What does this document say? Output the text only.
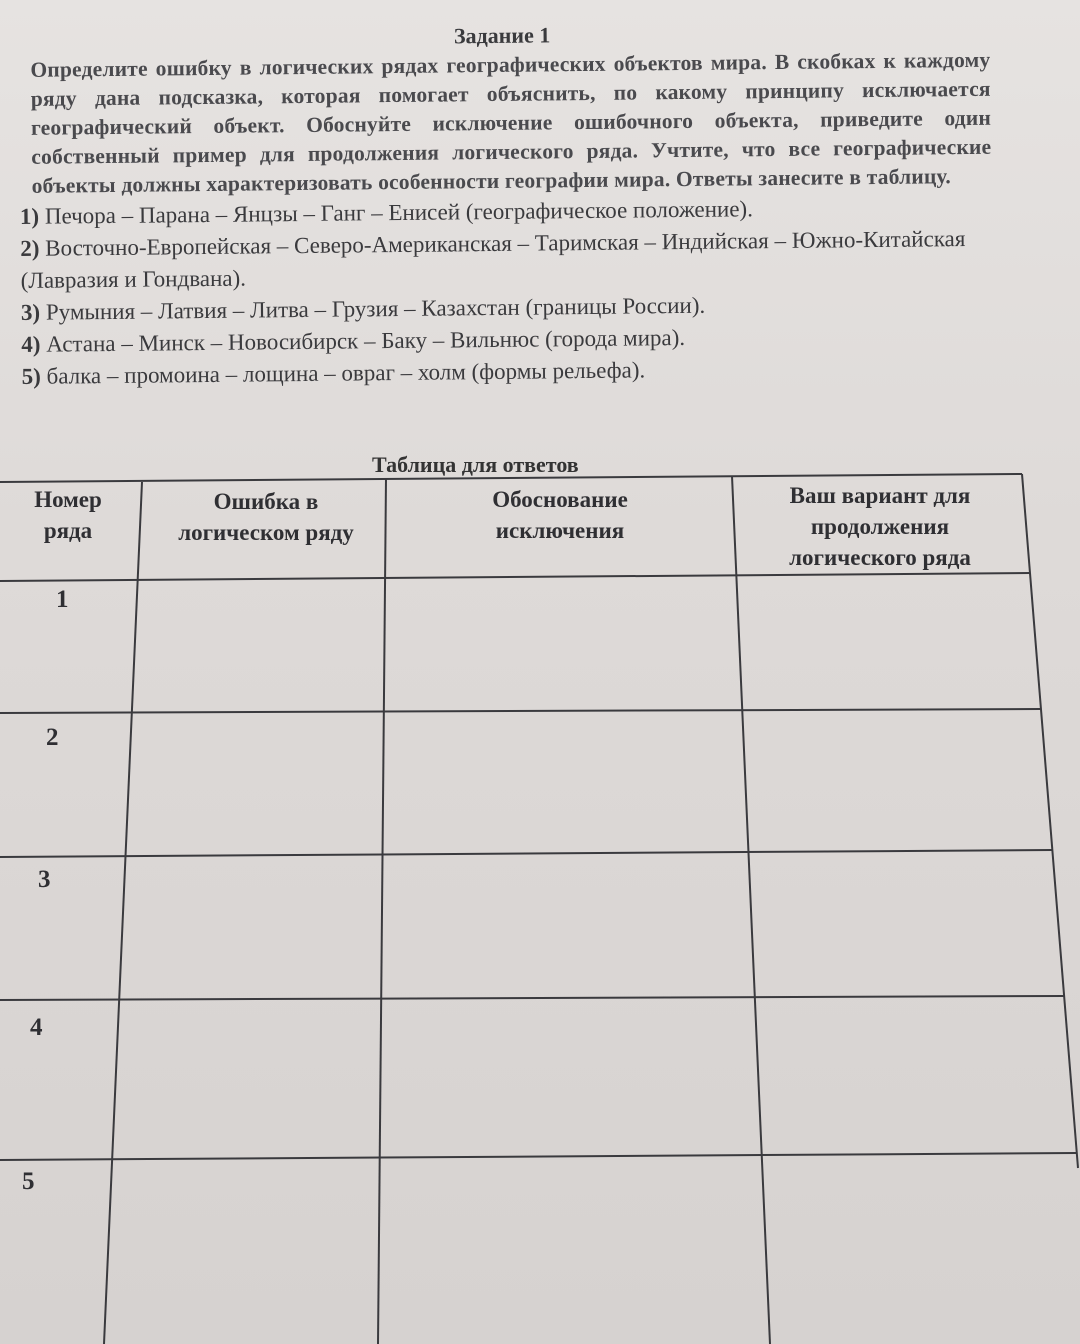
Задание 1
Определите ошибку в логических рядах географических объектов мира. В скобках к каждому ряду дана подсказка, которая помогает объяснить, по какому принципу исключается географический объект. Обоснуйте исключение ошибочного объекта, приведите один собственный пример для продолжения логического ряда. Учтите, что все географические объекты должны характеризовать особенности географии мира. Ответы занесите в таблицу.
1) Печора – Парана – Янцзы – Ганг – Енисей (географическое положение).
2) Восточно-Европейская – Северо-Американская – Таримская – Индийская – Южно-Китайская (Лавразия и Гондвана).
3) Румыния – Латвия – Литва – Грузия – Казахстан (границы России).
4) Астана – Минск – Новосибирск – Баку – Вильнюс (города мира).
5) балка – промоина – лощина – овраг – холм (формы рельефа).
Таблица для ответов
Номер ряда
Ошибка в логическом ряду
Обоснование исключения
Ваш вариант для продолжения логического ряда
1
2
3
4
5
